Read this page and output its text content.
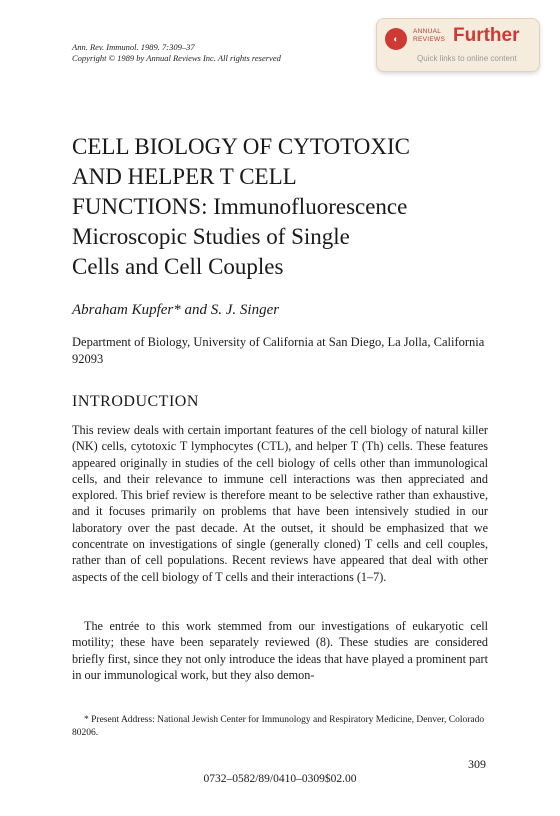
Ann. Rev. Immunol. 1989. 7:309–37
Copyright © 1989 by Annual Reviews Inc. All rights reserved
◐
ANNUAL
REVIEWS Further
Quick links to online content
CELL BIOLOGY OF CYTOTOXIC
AND HELPER T CELL
FUNCTIONS: Immunofluorescence
Microscopic Studies of Single
Cells and Cell Couples
Abraham Kupfer* and S. J. Singer
Department of Biology, University of California at San Diego, La Jolla, California 92093
INTRODUCTION

This review deals with certain important features of the cell biology of natural killer (NK) cells, cytotoxic T lymphocytes (CTL), and helper T (Th) cells. These features appeared originally in studies of the cell biology of cells other than immunological cells, and their relevance to immune cell interactions was then appreciated and explored. This brief review is therefore meant to be selective rather than exhaustive, and it focuses primarily on problems that have been intensively studied in our laboratory over the past decade. At the outset, it should be emphasized that we concentrate on investigations of single (generally cloned) T cells and cell couples, rather than of cell populations. Recent reviews have appeared that deal with other aspects of the cell biology of T cells and their interactions (1–7).

The entrée to this work stemmed from our investigations of eukaryotic cell motility; these have been separately reviewed (8). These studies are considered briefly first, since they not only introduce the ideas that have played a prominent part in our immunological work, but they also demon-

* Present Address: National Jewish Center for Immunology and Respiratory Medicine, Denver, Colorado 80206.
309
0732–0582/89/0410–0309$02.00
